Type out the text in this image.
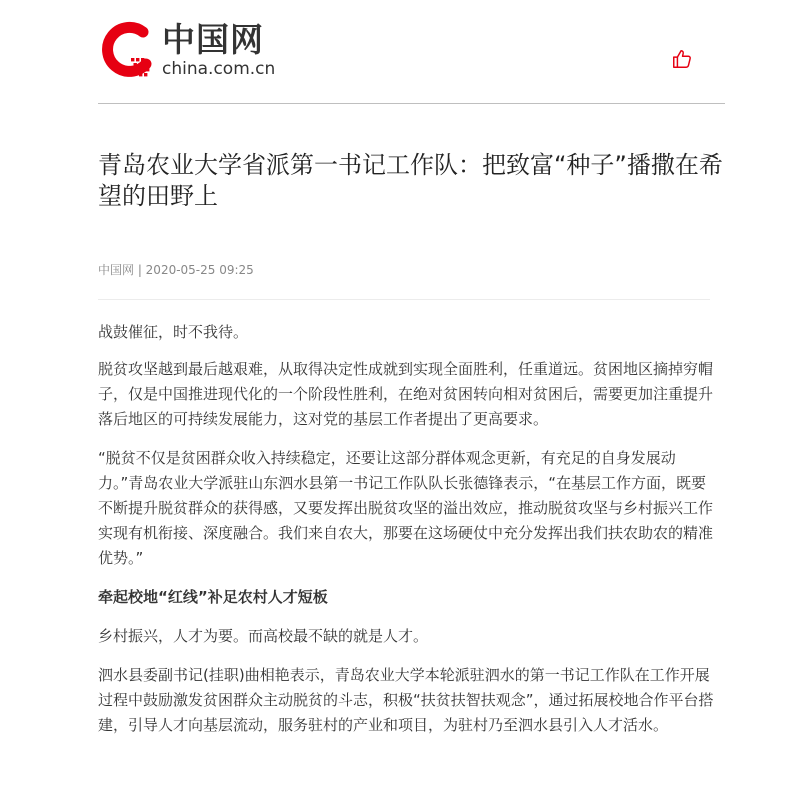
中国网
china.com.cn
青岛农业大学省派第一书记工作队：把致富“种子”播撒在希望的田野上
中国网 | 2020-05-25 09:25

战鼓催征，时不我待。

脱贫攻坚越到最后越艰难，从取得决定性成就到实现全面胜利，任重道远。贫困地区摘掉穷帽子，仅是中国推进现代化的一个阶段性胜利，在绝对贫困转向相对贫困后，需要更加注重提升落后地区的可持续发展能力，这对党的基层工作者提出了更高要求。

“脱贫不仅是贫困群众收入持续稳定，还要让这部分群体观念更新，有充足的自身发展动力。”青岛农业大学派驻山东泗水县第一书记工作队队长张德锋表示，“在基层工作方面，既要不断提升脱贫群众的获得感，又要发挥出脱贫攻坚的溢出效应，推动脱贫攻坚与乡村振兴工作实现有机衔接、深度融合。我们来自农大，那要在这场硬仗中充分发挥出我们扶农助农的精准优势。”

牵起校地“红线”补足农村人才短板

乡村振兴，人才为要。而高校最不缺的就是人才。

泗水县委副书记(挂职)曲相艳表示，青岛农业大学本轮派驻泗水的第一书记工作队在工作开展过程中鼓励激发贫困群众主动脱贫的斗志，积极“扶贫扶智扶观念”，通过拓展校地合作平台搭建，引导人才向基层流动，服务驻村的产业和项目，为驻村乃至泗水县引入人才活水。
